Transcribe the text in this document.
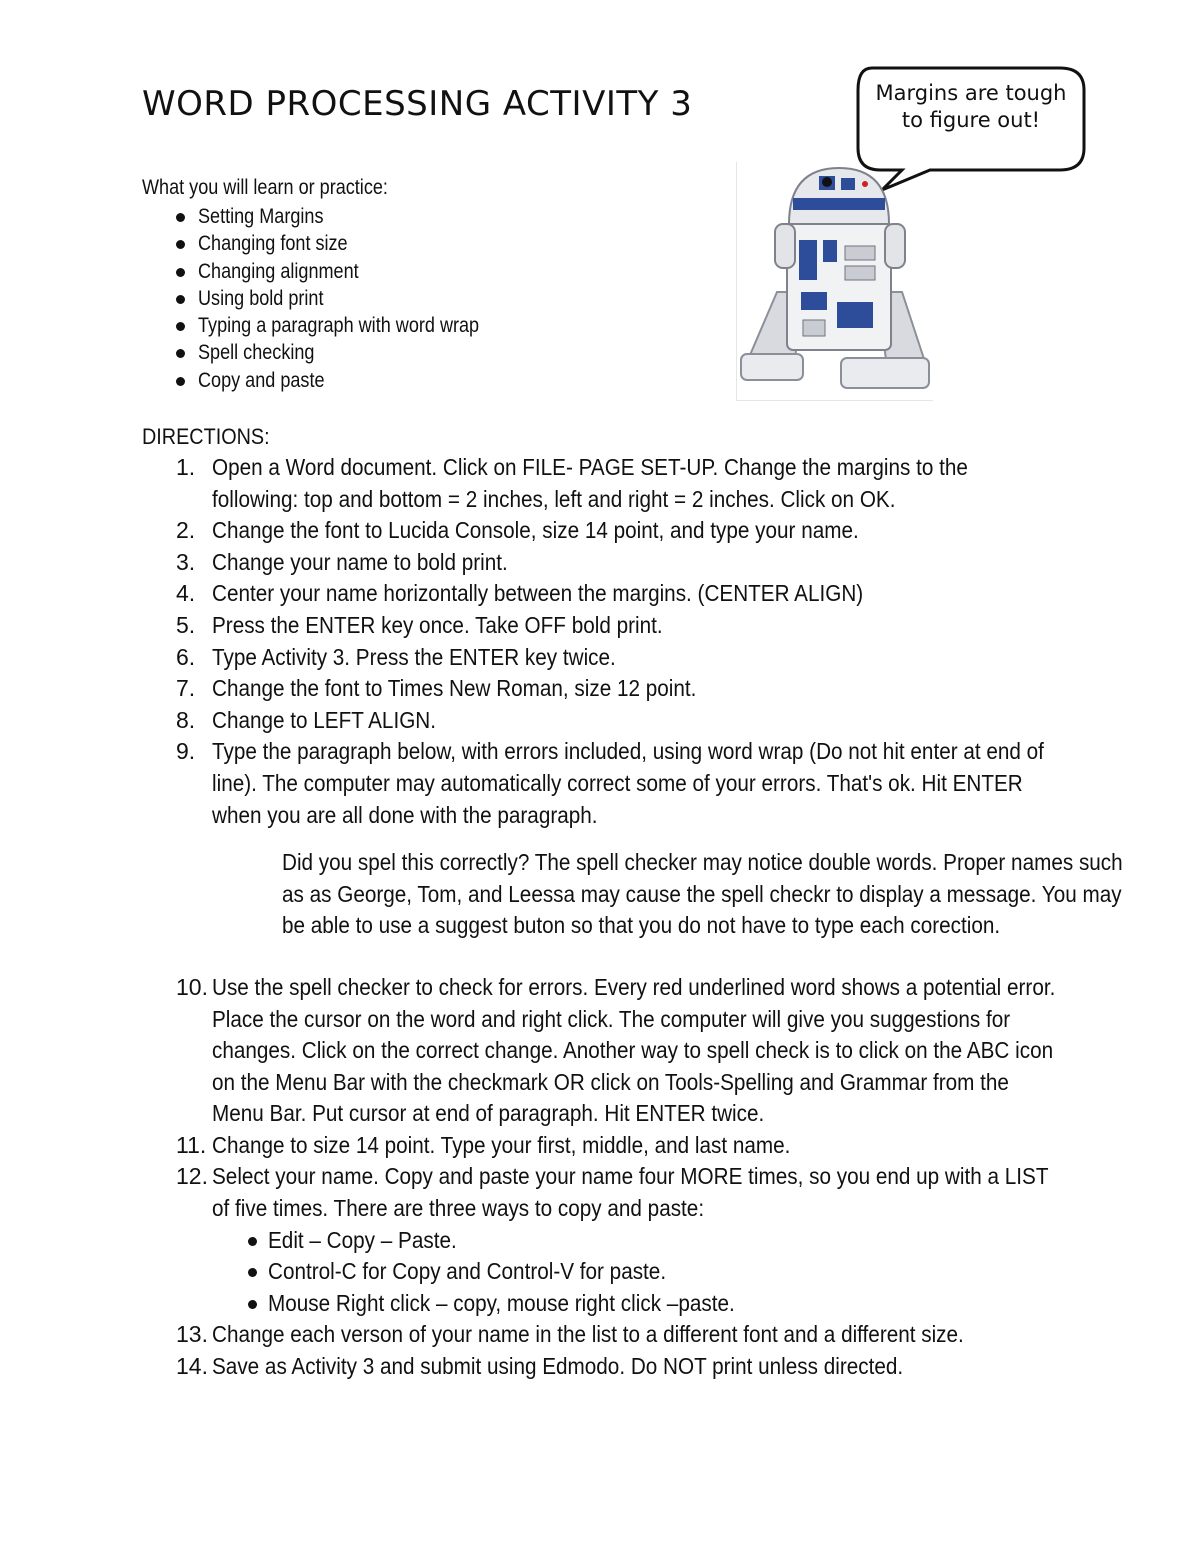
WORD PROCESSING ACTIVITY 3	Margins are tough to figure out!
What you will learn or practice:
Setting Margins
Changing font size
Changing alignment
Using bold print
Typing a paragraph with word wrap
Spell checking
Copy and paste
DIRECTIONS:
1. Open a Word document. Click on FILE- PAGE SET-UP. Change the margins to the following: top and bottom = 2 inches, left and right = 2 inches. Click on OK.
2. Change the font to Lucida Console, size 14 point, and type your name.
3. Change your name to bold print.
4. Center your name horizontally between the margins. (CENTER ALIGN)
5. Press the ENTER key once. Take OFF bold print.
6. Type Activity 3. Press the ENTER key twice.
7. Change the font to Times New Roman, size 12 point.
8. Change to LEFT ALIGN.
9. Type the paragraph below, with errors included, using word wrap (Do not hit enter at end of line). The computer may automatically correct some of your errors. That's ok. Hit ENTER when you are all done with the paragraph.
Did you spel this correctly? The spell checker may notice double words. Proper names such as as George, Tom, and Leessa may cause the spell checkr to display a message. You may be able to use a suggest buton so that you do not have to type each corection.
10. Use the spell checker to check for errors. Every red underlined word shows a potential error. Place the cursor on the word and right click. The computer will give you suggestions for changes. Click on the correct change. Another way to spell check is to click on the ABC icon on the Menu Bar with the checkmark OR click on Tools-Spelling and Grammar from the Menu Bar. Put cursor at end of paragraph. Hit ENTER twice.
11. Change to size 14 point. Type your first, middle, and last name.
12. Select your name. Copy and paste your name four MORE times, so you end up with a LIST of five times. There are three ways to copy and paste:
Edit – Copy – Paste.
Control-C for Copy and Control-V for paste.
Mouse Right click – copy, mouse right click –paste.
13. Change each verson of your name in the list to a different font and a different size.
14. Save as Activity 3 and submit using Edmodo. Do NOT print unless directed.
